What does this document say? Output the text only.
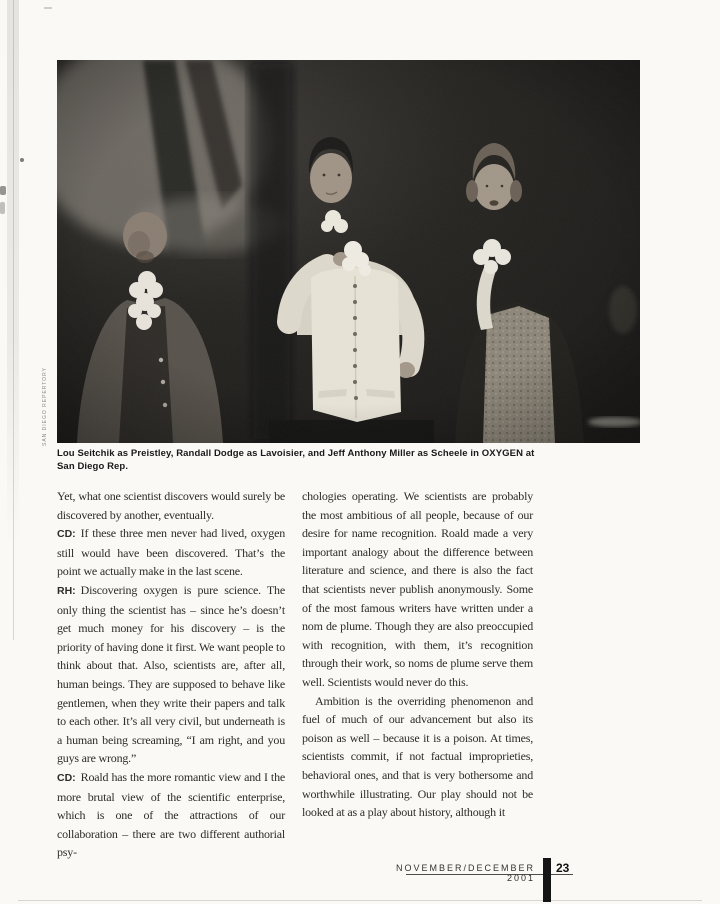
SAN DIEGO REPERTORY
Lou Seitchik as Preistley, Randall Dodge as Lavoisier, and Jeff Anthony Miller as Scheele in OXYGEN at
San Diego Rep.

Yet, what one scientist discovers would surely be discovered by another, eventually.

CD: If these three men never had lived, oxygen still would have been discovered. That’s the point we actually make in the last scene.

RH: Discovering oxygen is pure science. The only thing the scientist has – since he’s doesn’t get much money for his discovery – is the priority of having done it first. We want people to think about that. Also, scientists are, after all, human beings. They are supposed to behave like gentlemen, when they write their papers and talk to each other. It’s all very civil, but underneath is a human being screaming, “I am right, and you guys are wrong.”

CD: Roald has the more romantic view and I the more brutal view of the scientific enterprise, which is one of the attractions of our collaboration – there are two different authorial psy-

chologies operating. We scientists are probably the most ambitious of all people, because of our desire for name recognition. Roald made a very important analogy about the difference between literature and science, and there is also the fact that scientists never publish anonymously. Some of the most famous writers have written under a nom de plume. Though they are also preoccupied with recognition, with them, it’s recognition through their work, so noms de plume serve them well. Scientists would never do this.

Ambition is the overriding phenomenon and fuel of much of our advancement but also its poison as well – because it is a poison. At times, scientists commit, if not factual improprieties, behavioral ones, and that is very bothersome and worthwhile illustrating. Our play should not be looked at as a play about history, although it

NOVEMBER/DECEMBER 2001
23
